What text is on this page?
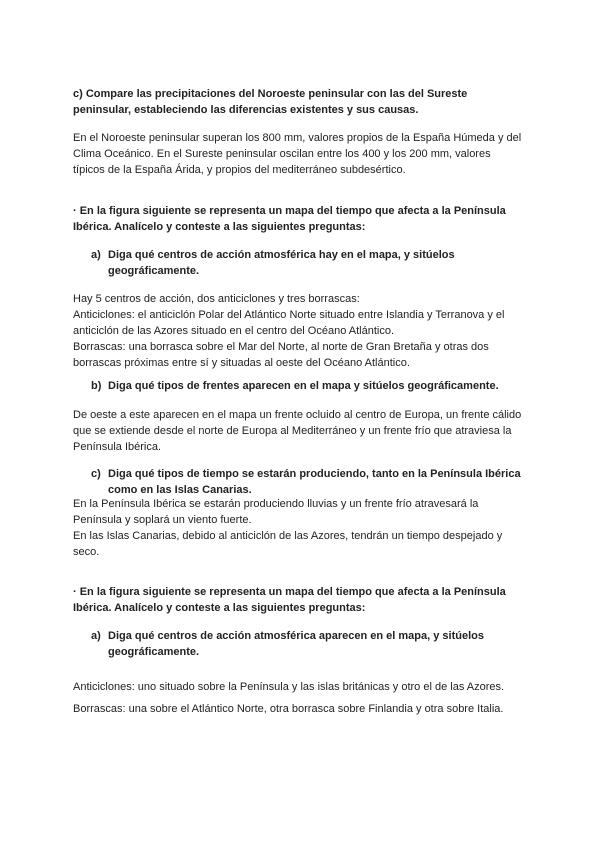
c) Compare las precipitaciones del Noroeste peninsular con las del Sureste

peninsular, estableciendo las diferencias existentes y sus causas.

En el Noroeste peninsular superan los 800 mm, valores propios de la España Húmeda y del

Clima Oceánico. En el Sureste peninsular oscilan entre los 400 y los 200 mm, valores

típicos de la España Árida, y propios del mediterráneo subdesértico.

· En la figura siguiente se representa un mapa del tiempo que afecta a la Península

Ibérica. Analícelo y conteste a las siguientes preguntas:

a) Diga qué centros de acción atmosférica hay en el mapa, y sitúelos
geográficamente.

Hay 5 centros de acción, dos anticiclones y tres borrascas:

Anticiclones: el anticiclón Polar del Atlántico Norte situado entre Islandia y Terranova y el

anticiclón de las Azores situado en el centro del Océano Atlántico.

Borrascas: una borrasca sobre el Mar del Norte, al norte de Gran Bretaña y otras dos

borrascas próximas entre sí y situadas al oeste del Océano Atlántico.

b) Diga qué tipos de frentes aparecen en el mapa y sitúelos geográficamente.

De oeste a este aparecen en el mapa un frente ocluido al centro de Europa, un frente cálido

que se extiende desde el norte de Europa al Mediterráneo y un frente frío que atraviesa la

Península Ibérica.

c) Diga qué tipos de tiempo se estarán produciendo, tanto en la Península Ibérica
como en las Islas Canarias.

En la Península Ibérica se estarán produciendo lluvias y un frente frío atravesará la

Península y soplará un viento fuerte.

En las Islas Canarias, debido al anticiclón de las Azores, tendrán un tiempo despejado y

seco.

· En la figura siguiente se representa un mapa del tiempo que afecta a la Península

Ibérica. Analícelo y conteste a las siguientes preguntas:

a) Diga qué centros de acción atmosférica aparecen en el mapa, y sitúelos
geográficamente.

Anticiclones: uno situado sobre la Península y las islas británicas y otro el de las Azores.

Borrascas: una sobre el Atlántico Norte, otra borrasca sobre Finlandia y otra sobre Italia.
